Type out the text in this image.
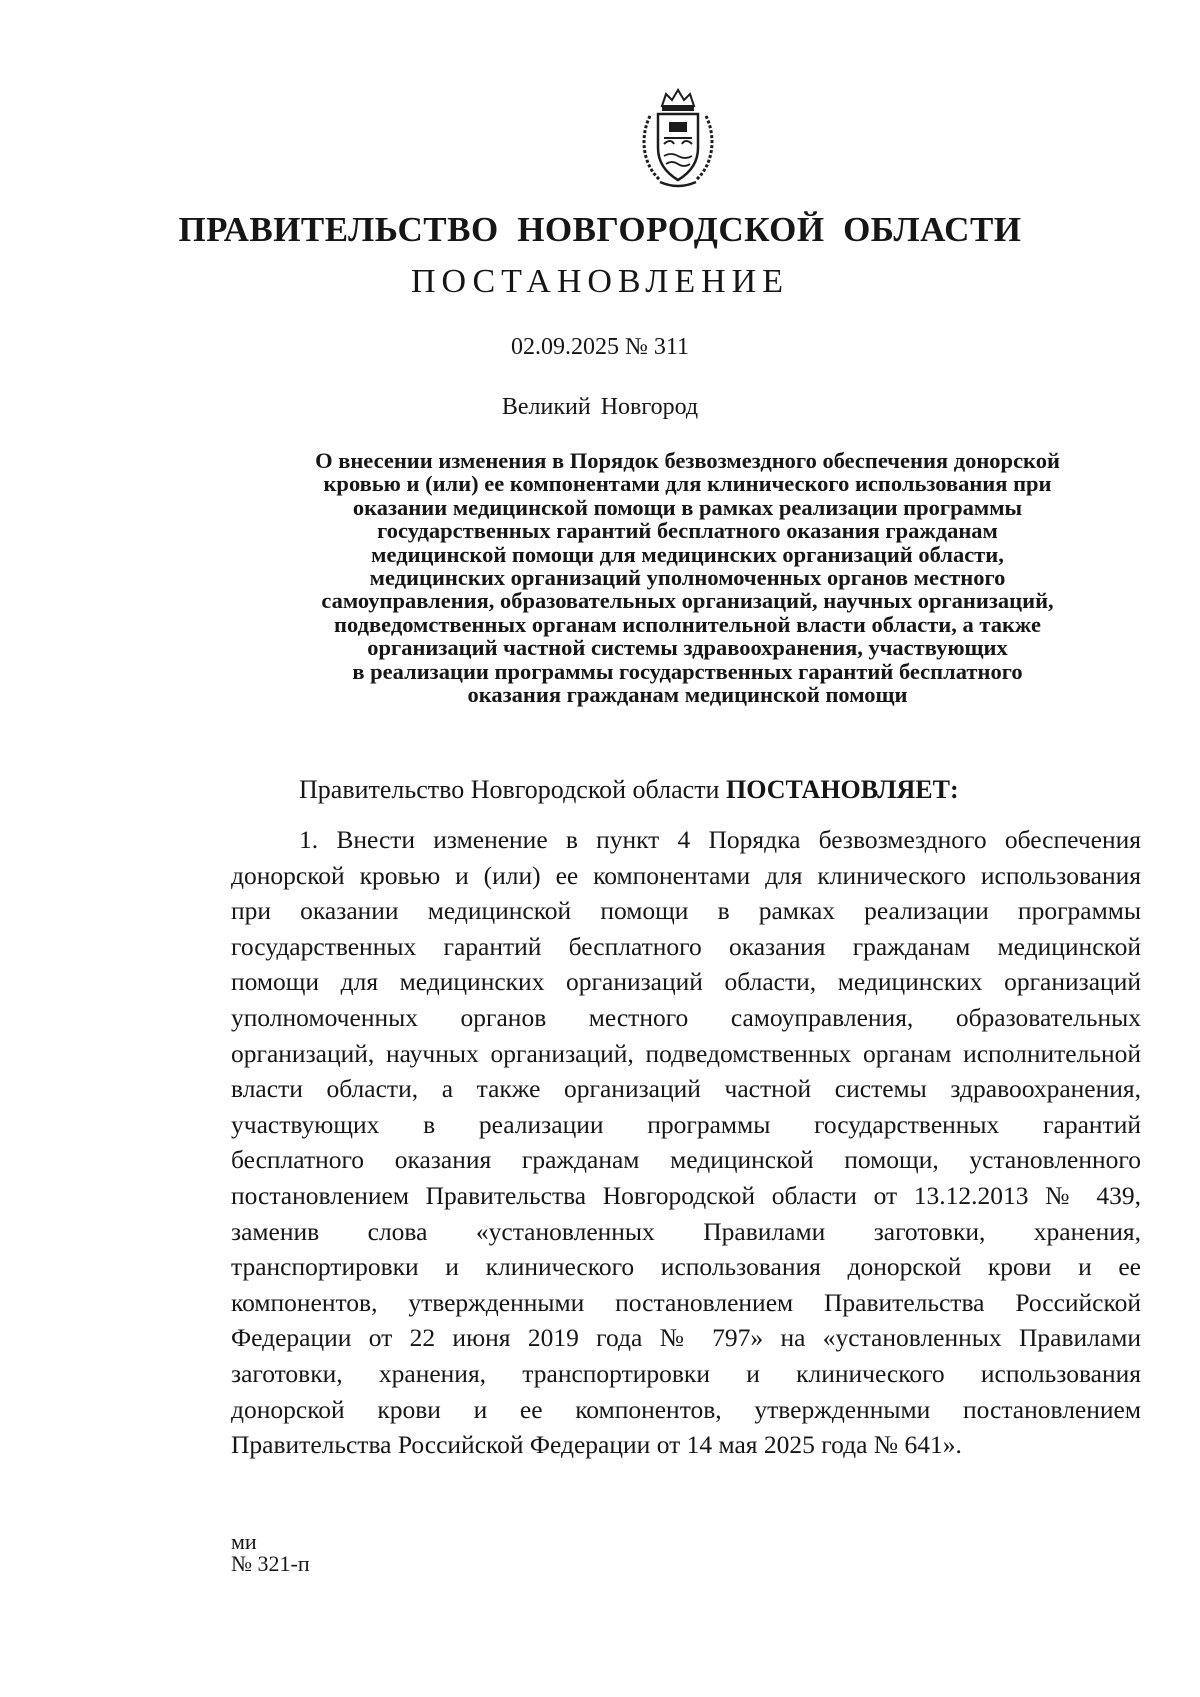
ПРАВИТЕЛЬСТВО  НОВГОРОДСКОЙ  ОБЛАСТИ
ПОСТАНОВЛЕНИЕ
02.09.2025 № 311
Великий Новгород
О внесении изменения в Порядок безвозмездного обеспечения донорской
кровью и (или) ее компонентами для клинического использования при
оказании медицинской помощи в рамках реализации программы
государственных гарантий бесплатного оказания гражданам
медицинской помощи для медицинских организаций области,
медицинских организаций уполномоченных органов местного
самоуправления, образовательных организаций, научных организаций,
подведомственных органам исполнительной власти области, а также
организаций частной системы здравоохранения, участвующих
в реализации программы государственных гарантий бесплатного
оказания гражданам медицинской помощи
Правительство Новгородской области ПОСТАНОВЛЯЕТ:
1. Внести изменение в пункт 4 Порядка безвозмездного обеспечения
донорской кровью и (или) ее компонентами для клинического использования
при оказании медицинской помощи в рамках реализации программы
государственных гарантий бесплатного оказания гражданам медицинской
помощи для медицинских организаций области, медицинских организаций
уполномоченных органов местного самоуправления, образовательных
организаций, научных организаций, подведомственных органам исполнительной
власти области, а также организаций частной системы здравоохранения,
участвующих в реализации программы государственных гарантий
бесплатного оказания гражданам медицинской помощи, установленного
постановлением Правительства Новгородской области от 13.12.2013 № 439,
заменив слова «установленных Правилами заготовки, хранения,
транспортировки и клинического использования донорской крови и ее
компонентов, утвержденными постановлением Правительства Российской
Федерации от 22 июня 2019 года № 797» на «установленных Правилами
заготовки, хранения, транспортировки и клинического использования
донорской крови и ее компонентов, утвержденными постановлением
Правительства Российской Федерации от 14 мая 2025 года № 641».
ми
№ 321-п
